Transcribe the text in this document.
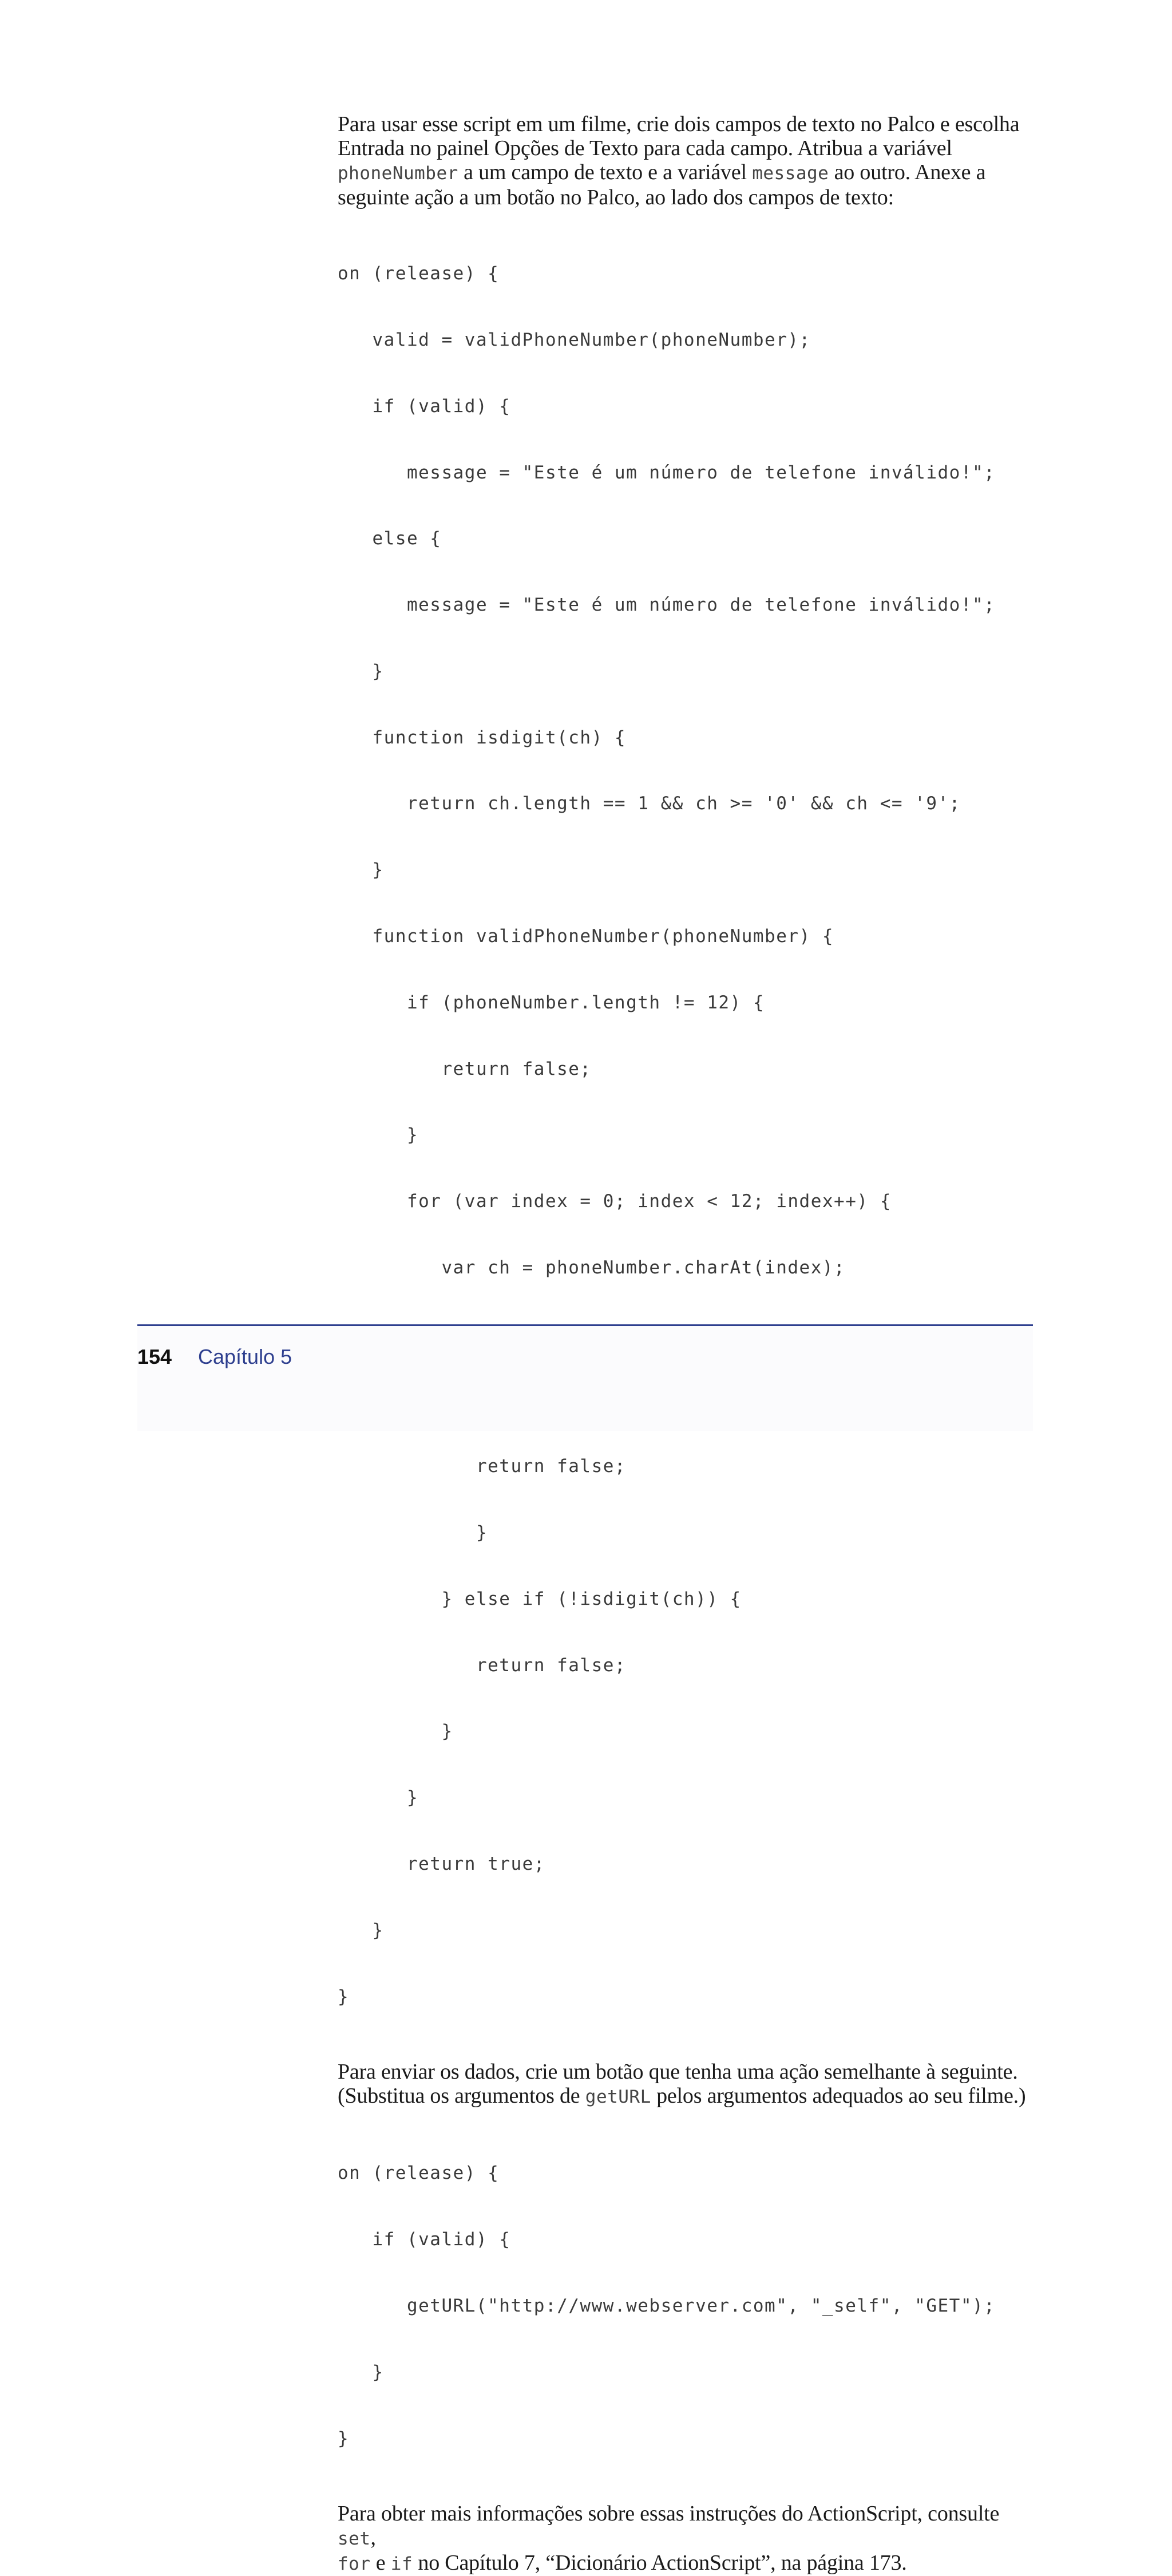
Para usar esse script em um filme, crie dois campos de texto no Palco e escolha
Entrada no painel Opções de Texto para cada campo. Atribua a variável
phoneNumber a um campo de texto e a variável message ao outro. Anexe a
seguinte ação a um botão no Palco, ao lado dos campos de texto:

on (release) {

valid = validPhoneNumber(phoneNumber);

if (valid) {

message = "Este é um número de telefone inválido!";

else {

message = "Este é um número de telefone inválido!";

}

function isdigit(ch) {

return ch.length == 1 && ch >= '0' && ch <= '9';

}

function validPhoneNumber(phoneNumber) {

if (phoneNumber.length != 12) {

return false;

}

for (var index = 0; index < 12; index++) {

var ch = phoneNumber.charAt(index);

return false;

}

} else if (!isdigit(ch)) {

return false;

}

}

return true;

}

}

Para enviar os dados, crie um botão que tenha uma ação semelhante à seguinte.
(Substitua os argumentos de getURL pelos argumentos adequados ao seu filme.)

on (release) {

if (valid) {

getURL("http://www.webserver.com", "_self", "GET");

}

}

Para obter mais informações sobre essas instruções do ActionScript, consulte set,
for e if no Capítulo 7, “Dicionário ActionScript”, na página 173.

154 Capítulo 5
